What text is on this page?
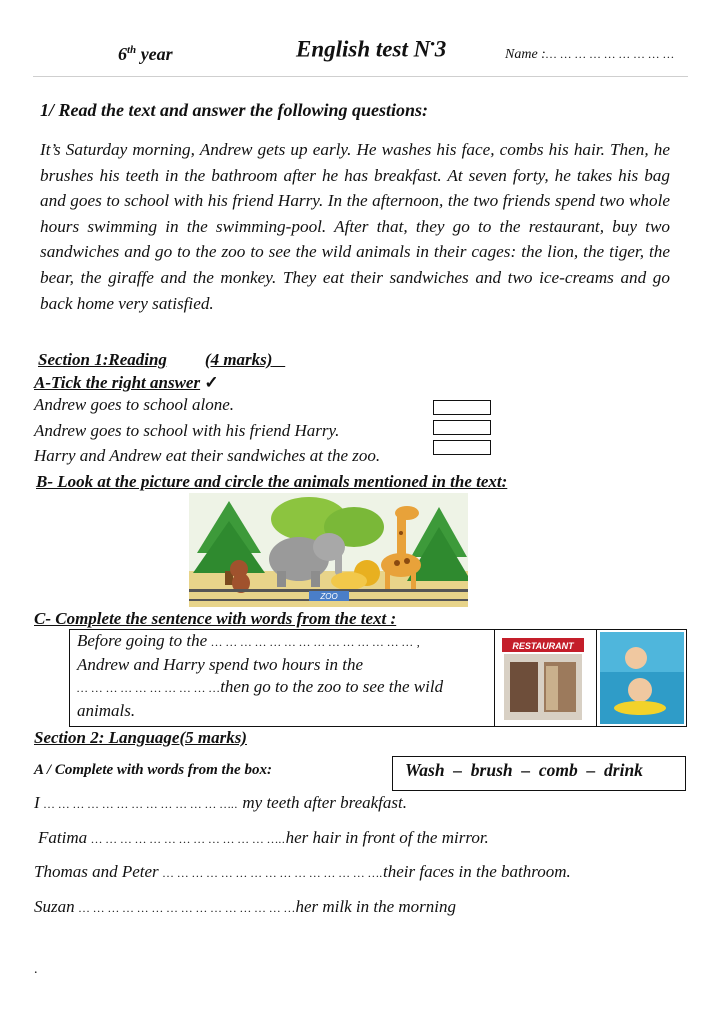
6th year	English test N•3	Name :… … … … … … … … …
1/ Read the text and answer the following questions:
It’s Saturday morning, Andrew gets up early. He washes his face, combs his hair. Then, he brushes his teeth in the bathroom after he has breakfast. At seven forty, he takes his bag and goes to school with his friend Harry. In the afternoon, the two friends spend two whole hours swimming in the swimming-pool. After that, they go to the restaurant, buy two sandwiches and go to the zoo to see the wild animals in their cages: the lion, the tiger, the bear, the giraffe and the monkey. They eat their sandwiches and two ice-creams and go back home very satisfied.
Section 1:Reading (4 marks)
A-Tick the right answer ✓
Andrew goes to school alone.
Andrew goes to school with his friend Harry.
Harry and Andrew eat their sandwiches at the zoo.
B- Look at the picture and circle the animals mentioned in the text:
ZOO
C- Complete the sentence with words from the text :
Before going to the … … … … … … … … … … … … … … ,
Andrew and Harry spend two hours in the
… … … … … … … … … …then go to the zoo to see the wild
animals.
RESTAURANT
Section 2: Language(5 marks)
A / Complete with words from the box:	Wash  –  brush  –  comb  –  drink
I … … … … … … … … … … … … ….. my teeth after breakfast.
Fatima … … … … … … … … … … … … …..her hair in front of the mirror.
Thomas and Peter … … … … … … … … … … … … … … ….their faces in the bathroom.
Suzan … … … … … … … … … … … … … … …her milk in the morning
.
